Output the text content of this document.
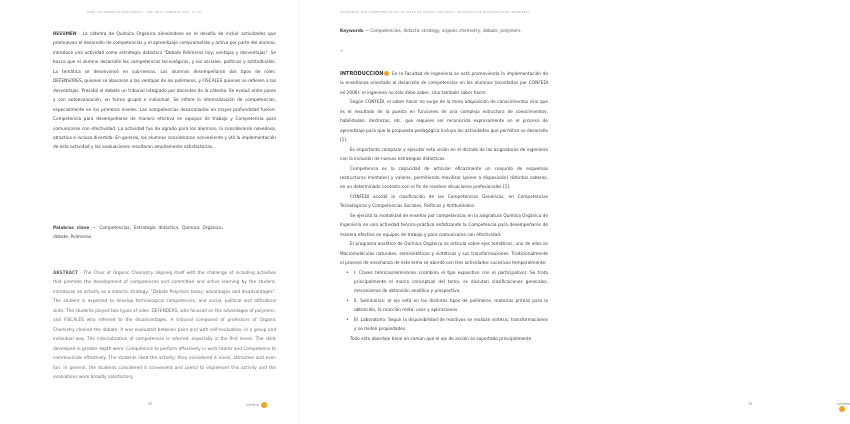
PEDR GUILHERME DO NASCIMENTO · ENE. 2019 CAMPINAS, PAG. XX-XX

RESUMEN · La cátedra de Química Orgánica alineándose en el desafío de incluir actividades que promuevan el desarrollo de competencias y el aprendizaje comprometido y activo por parte del alumno, introduce una actividad como estrategia didáctica "Debate Polímeros hoy: ventajas y desventajas". Se busca que el alumno desarrolle las competencias tecnológicas, y las sociales, políticas y actitudinales. La temática se desenvolvió en sub-mesas. Los alumnos desempeñaron dos tipos de roles: DEFENSORES, quienes se abocaron a las ventajas de los polímeros, y FISCALES quienes se refieren a las desventajas. Presidió el debate un tribunal integrado por docentes de la cátedra. Se evaluó entre pares y con autoevaluación, en forma grupal e individual. Se infiere la internalización de competencias, especialmente en los primeros niveles. Las competencias desarrolladas en mayor profundidad fueron: Competencia para desempeñarse de manera efectiva en equipos de trabajo y Competencia para comunicarse con efectividad. La actividad fue de agrado para los alumnos, la consideraron novedosa, atractiva e incluso divertida. En general, los alumnos consideraron conveniente y útil la implementación de esta actividad y las evaluaciones resultaron ampliamente satisfactorias.

Palabras clave — Competencias, Estrategia didáctica, Química Orgánica, debate, Polímeros.

ABSTRACT · The Chair of Organic Chemistry aligning itself with the challenge of including activities that promote the development of competences and committed and active learning by the student, introduces an activity as a didactic strategy: "Debate Polymers today: advantages and disadvantages". The student is expected to develop technological competences, and social, political and attitudinal skills. The students played two types of roles: DEFENDERS, who focused on the advantages of polymers, and FISCALES who referred to the disadvantages. A tribunal composed of professors of Organic Chemistry chaired the debate. It was evaluated between pairs and with self-evaluation, in a group and individual way. The internalization of competences is inferred, especially in the first levels. The skills developed in greater depth were: Competence to perform effectively in work teams and Competence to communicate effectively. The students liked the activity; they considered it novel, attractive and even fun. In general, the students considered it convenient and useful to implement this activity and the evaluations were broadly satisfactory.

32	indTeria
ESTRATEGIA POR COMPETENCIAS EN UN CURSO DE QUÍMICA ORGÁNICA: UN EJEMPLO DE DESARROLLO EN INGENIERÍA

Keywords — Competencies, didactic strategy, organic chemistry, debate, polymers.

»

INTRODUCCIÓN En la Facultad de Ingeniería se está promoviendo la implementación de la enseñanza orientada al desarrollo de competencias en los alumnos (acordadas por CONFEDI en 2006): el ingeniero no sólo debe saber, sino también saber hacer.

Según CONFEDI, el saber hacer no surge de la mera adquisición de conocimientos sino que es el resultado de la puesta en funciones de una compleja estructura de conocimientos, habilidades, destrezas, etc. que requiere ser reconocida expresamente en el proceso de aprendizaje para que la propuesta pedagógica incluya las actividades que permitan su desarrollo [1].

Es importante comparar y ejecutar esta visión en el dictado de las asignaturas de ingeniería con la inclusión de nuevas estrategias didácticas.

Competencia es la capacidad de articular eficazmente un conjunto de esquemas (estructuras mentales) y valores, permitiendo movilizar (poner a disposición) distintos saberes, en un determinado contexto con el fin de resolver situaciones profesionales [1].

CONFEDI acordó la clasificación de las Competencias Genéricas, en Competencias Tecnológicas y Competencias Sociales, Políticas y Actitudinales.

Se ejercitó la modalidad de enseñar por competencias en la asignatura Química Orgánica de Ingeniería en una actividad teórico-práctica enfatizando la Competencia para desempeñarse de manera efectiva en equipos de trabajo y para comunicarse con efectividad.

El programa analítico de Química Orgánica se articula sobre ejes temáticos, uno de ellos es Macromoléculas naturales, semisintéticas y sintéticas y sus transformaciones. Tradicionalmente el proceso de enseñanza de este tema se abordó con tres actividades sucesivas temporalmente:

• I. Clases teóricas/seminarios (combina el tipo expositivo con el participativo): Se trata principalmente el marco conceptual del tema, se discuten clasificaciones generales, mecanismos de obtención analítica y prospectiva.
• II. Seminarios: el eje está en los distintos tipos de polímeros, materias primas para la obtención, la reacción meta, usos y aplicaciones.
• III. Laboratorio: Según la disponibilidad de reactivos se realizan síntesis, transformaciones y se miden propiedades.

Todo este abordaje tiene en común que el eje de acción es soportado principalmente

33	indTeria
